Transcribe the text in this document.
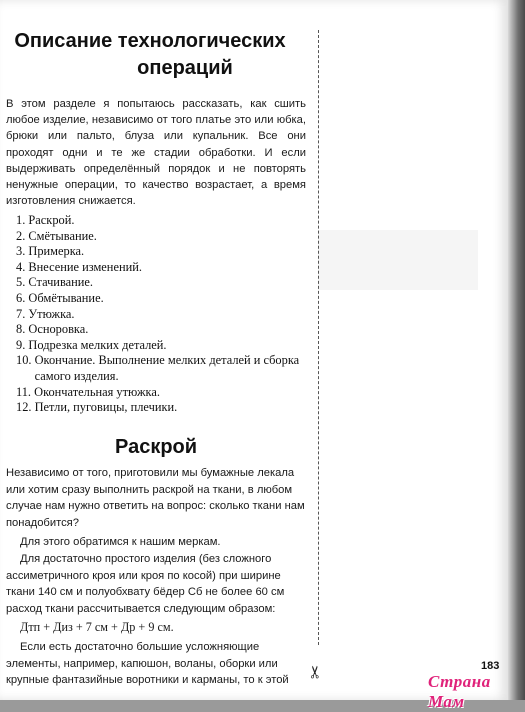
Описание технологических
операций
В этом разделе я попытаюсь рассказать, как сшить любое изделие, независимо от того платье это или юбка, брюки или пальто, блуза или купальник. Все они проходят одни и те же стадии обработки. И если выдерживать определённый порядок и не повторять ненужные операции, то качество возрастает, а время изготовления снижается.
1.
Раскрой.
2.
Смётывание.
3.
Примерка.
4.
Внесение изменений.
5.
Стачивание.
6.
Обмётывание.
7.
Утюжка.
8.
Осноровка.
9.
Подрезка мелких деталей.
10.
Окончание. Выполнение мелких деталей и сборка самого изделия.
11.
Окончательная утюжка.
12.
Петли, пуговицы, плечики.
Раскрой

Независимо от того, приготовили мы бумажные лекала или хотим сразу выполнить раскрой на ткани, в любом случае нам нужно ответить на вопрос: сколько ткани нам понадобится?

Для этого обратимся к нашим меркам.

Для достаточно простого изделия (без сложного ассиметричного кроя или кроя по косой) при ширине ткани 140 см и полуобхвату бёдер Сб не более 60 см расход ткани рассчитывается следующим образом:

Дтп + Диз + 7 см + Др + 9 см.

Если есть достаточно большие усложняющие элементы, например, капюшон, воланы, оборки или крупные фантазийные воротники и карманы, то к этой

✂	183
Страна Мам
